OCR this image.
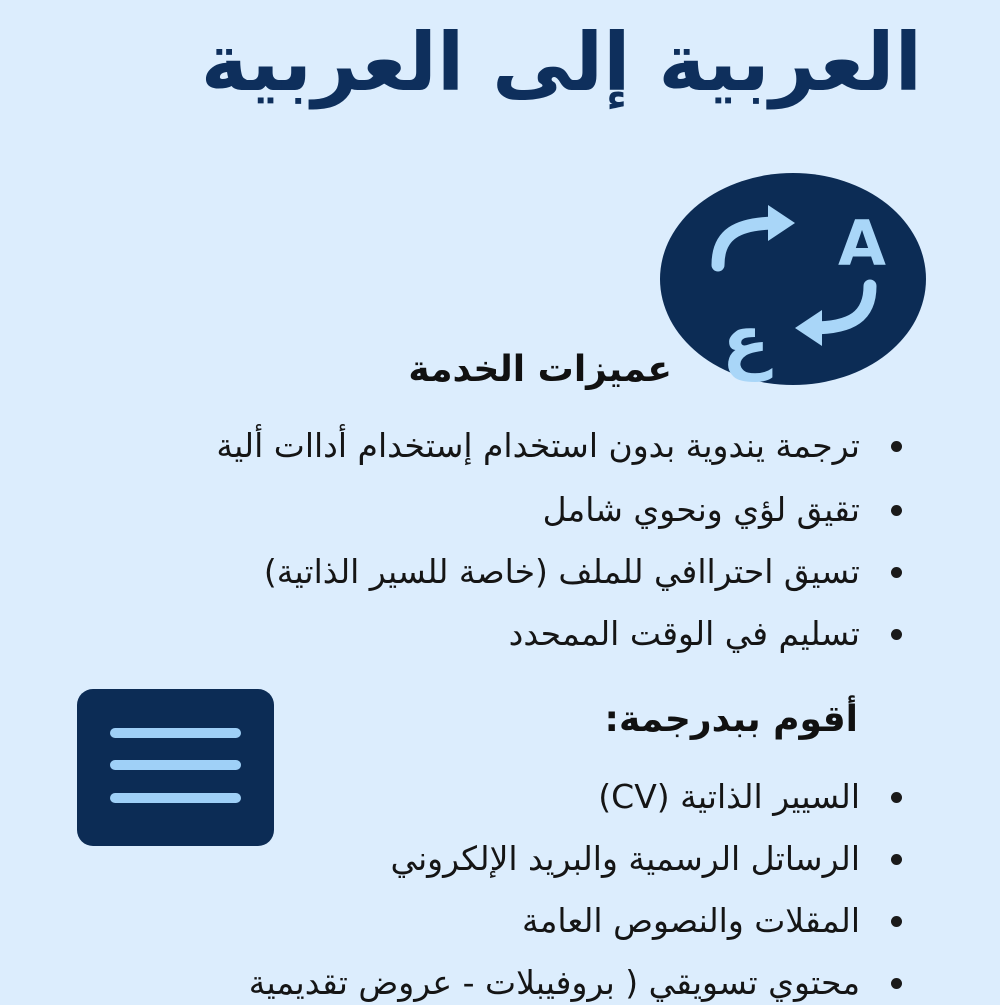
العربية إلى العربية
A
ع
عميزات الخدمة
ترجمة يندوية بدون استخدام إستخدام أداات ألية
تقيق لؤي ونحوي شامل
تسيق احتراافي للملف (خاصة للسير الذاتية)
تسليم في الوقت الممحدد
أقوم ببدرجمة:
السيير الذاتية (CV)
الرساتل الرسمية والبريد الإلكروني
المقلات والنصوص العامة
محتوي تسويقي ( بروفيبلات - عروض تقديمية
